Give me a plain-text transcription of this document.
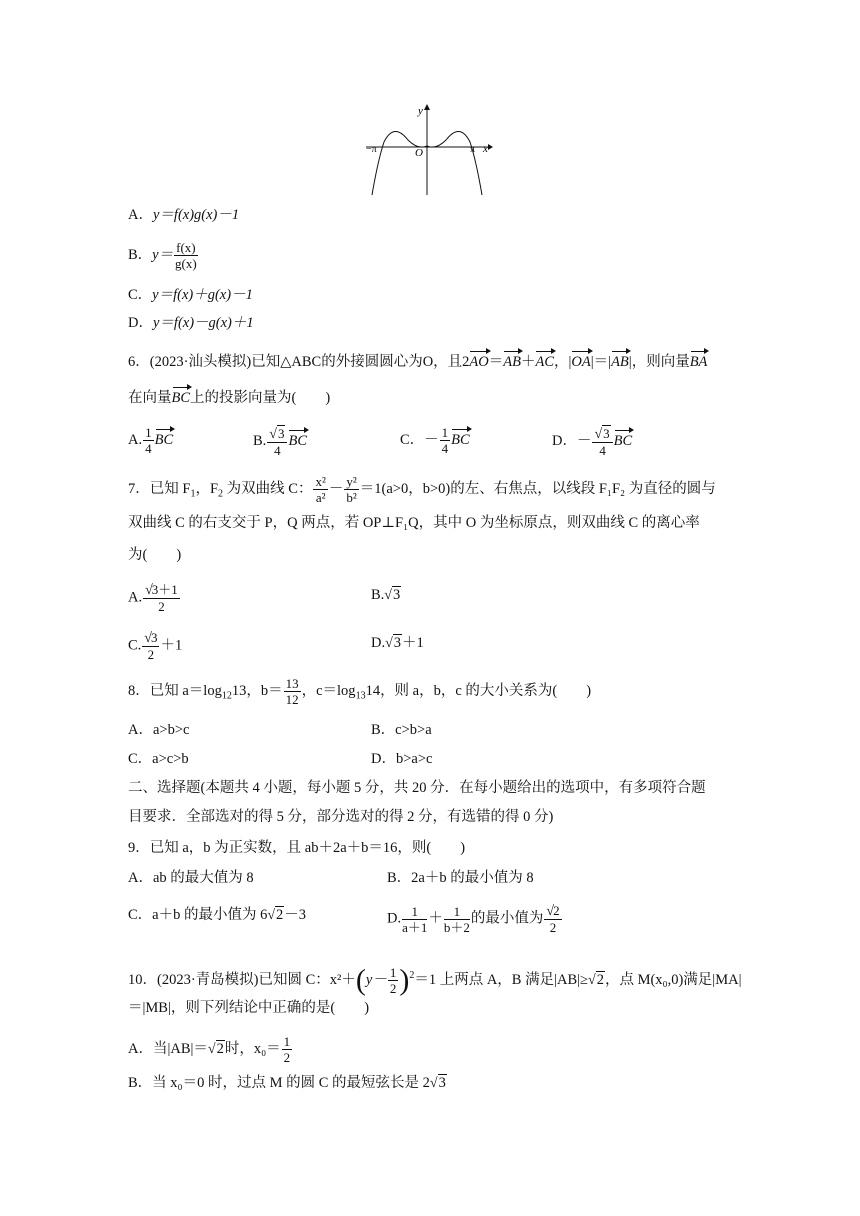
y
x
O
−π	π
A．y＝f(x)g(x)－1
B．$y= \frac{f(x)}{g(x)}$
C．y＝f(x)＋g(x)－1
D．y＝f(x)－g(x)＋1
6．(2023·汕头模拟)已知△ABC的外接圆圆心为O，且2AO＝AB＋AC，|OA|＝|AB|，则向量BA
在向量BC上的投影向量为(　　)
A. $\frac{1}{4}$ BC	B. $\frac{√3}{4}$ BC	C．－ $\frac{1}{4}$ BC	D．－ $\frac{√3}{4}$ BC
7．已知 $F_1$，$F_2$ 为双曲线 C： $\frac{\text{x²}}{\text{a²}} - \frac{\text{y²}}{\text{b²}} =1(a>0$，b>0)的左、右焦点，以线段 F₁F₂ 为直径的圆与
双曲线 C 的右支交于 P，Q 两点，若 OP⊥F₁Q，其中 O 为坐标原点，则双曲线 C 的离心率
为(　　)
A. $\frac{√3+1}{2}$	B.√3
C. $\frac{√3}{2} +1$	D.√3＋1
8．已知 $a=\log_{12}13$，$b= \frac{13}{12}$ ，$c=\log_{13}14$，则 a，b，c 的大小关系为(　　)
A．a>b>c	B．c>b>a
C．a>c>b	D．b>a>c
二、选择题(本题共 4 小题，每小题 5 分，共 20 分．在每小题给出的选项中，有多项符合题
目要求．全部选对的得 5 分，部分选对的得 2 分，有选错的得 0 分)
9．已知 a，b 为正实数，且 ab＋2a＋b＝16，则(　　)
A．ab 的最大值为 8	B．2a＋b 的最小值为 8
C．a＋b 的最小值为 6√2－3	D. $\frac{1}{a+1} + \frac{1}{b+2}$ 的最小值为 $\frac{√2}{2}$
10．(2023·青岛模拟)已知圆 C：$x^2+(y- \frac{1}{2} )^2=1$ 上两点 A，B 满足|AB|≥√2，点 M(x₀,0)满足|MA|
＝|MB|，则下列结论中正确的是(　　)
A．当|AB|＝√2时，$x_0= \frac{1}{2}$
B．当 x₀＝0 时，过点 M 的圆 C 的最短弦长是 2√3
